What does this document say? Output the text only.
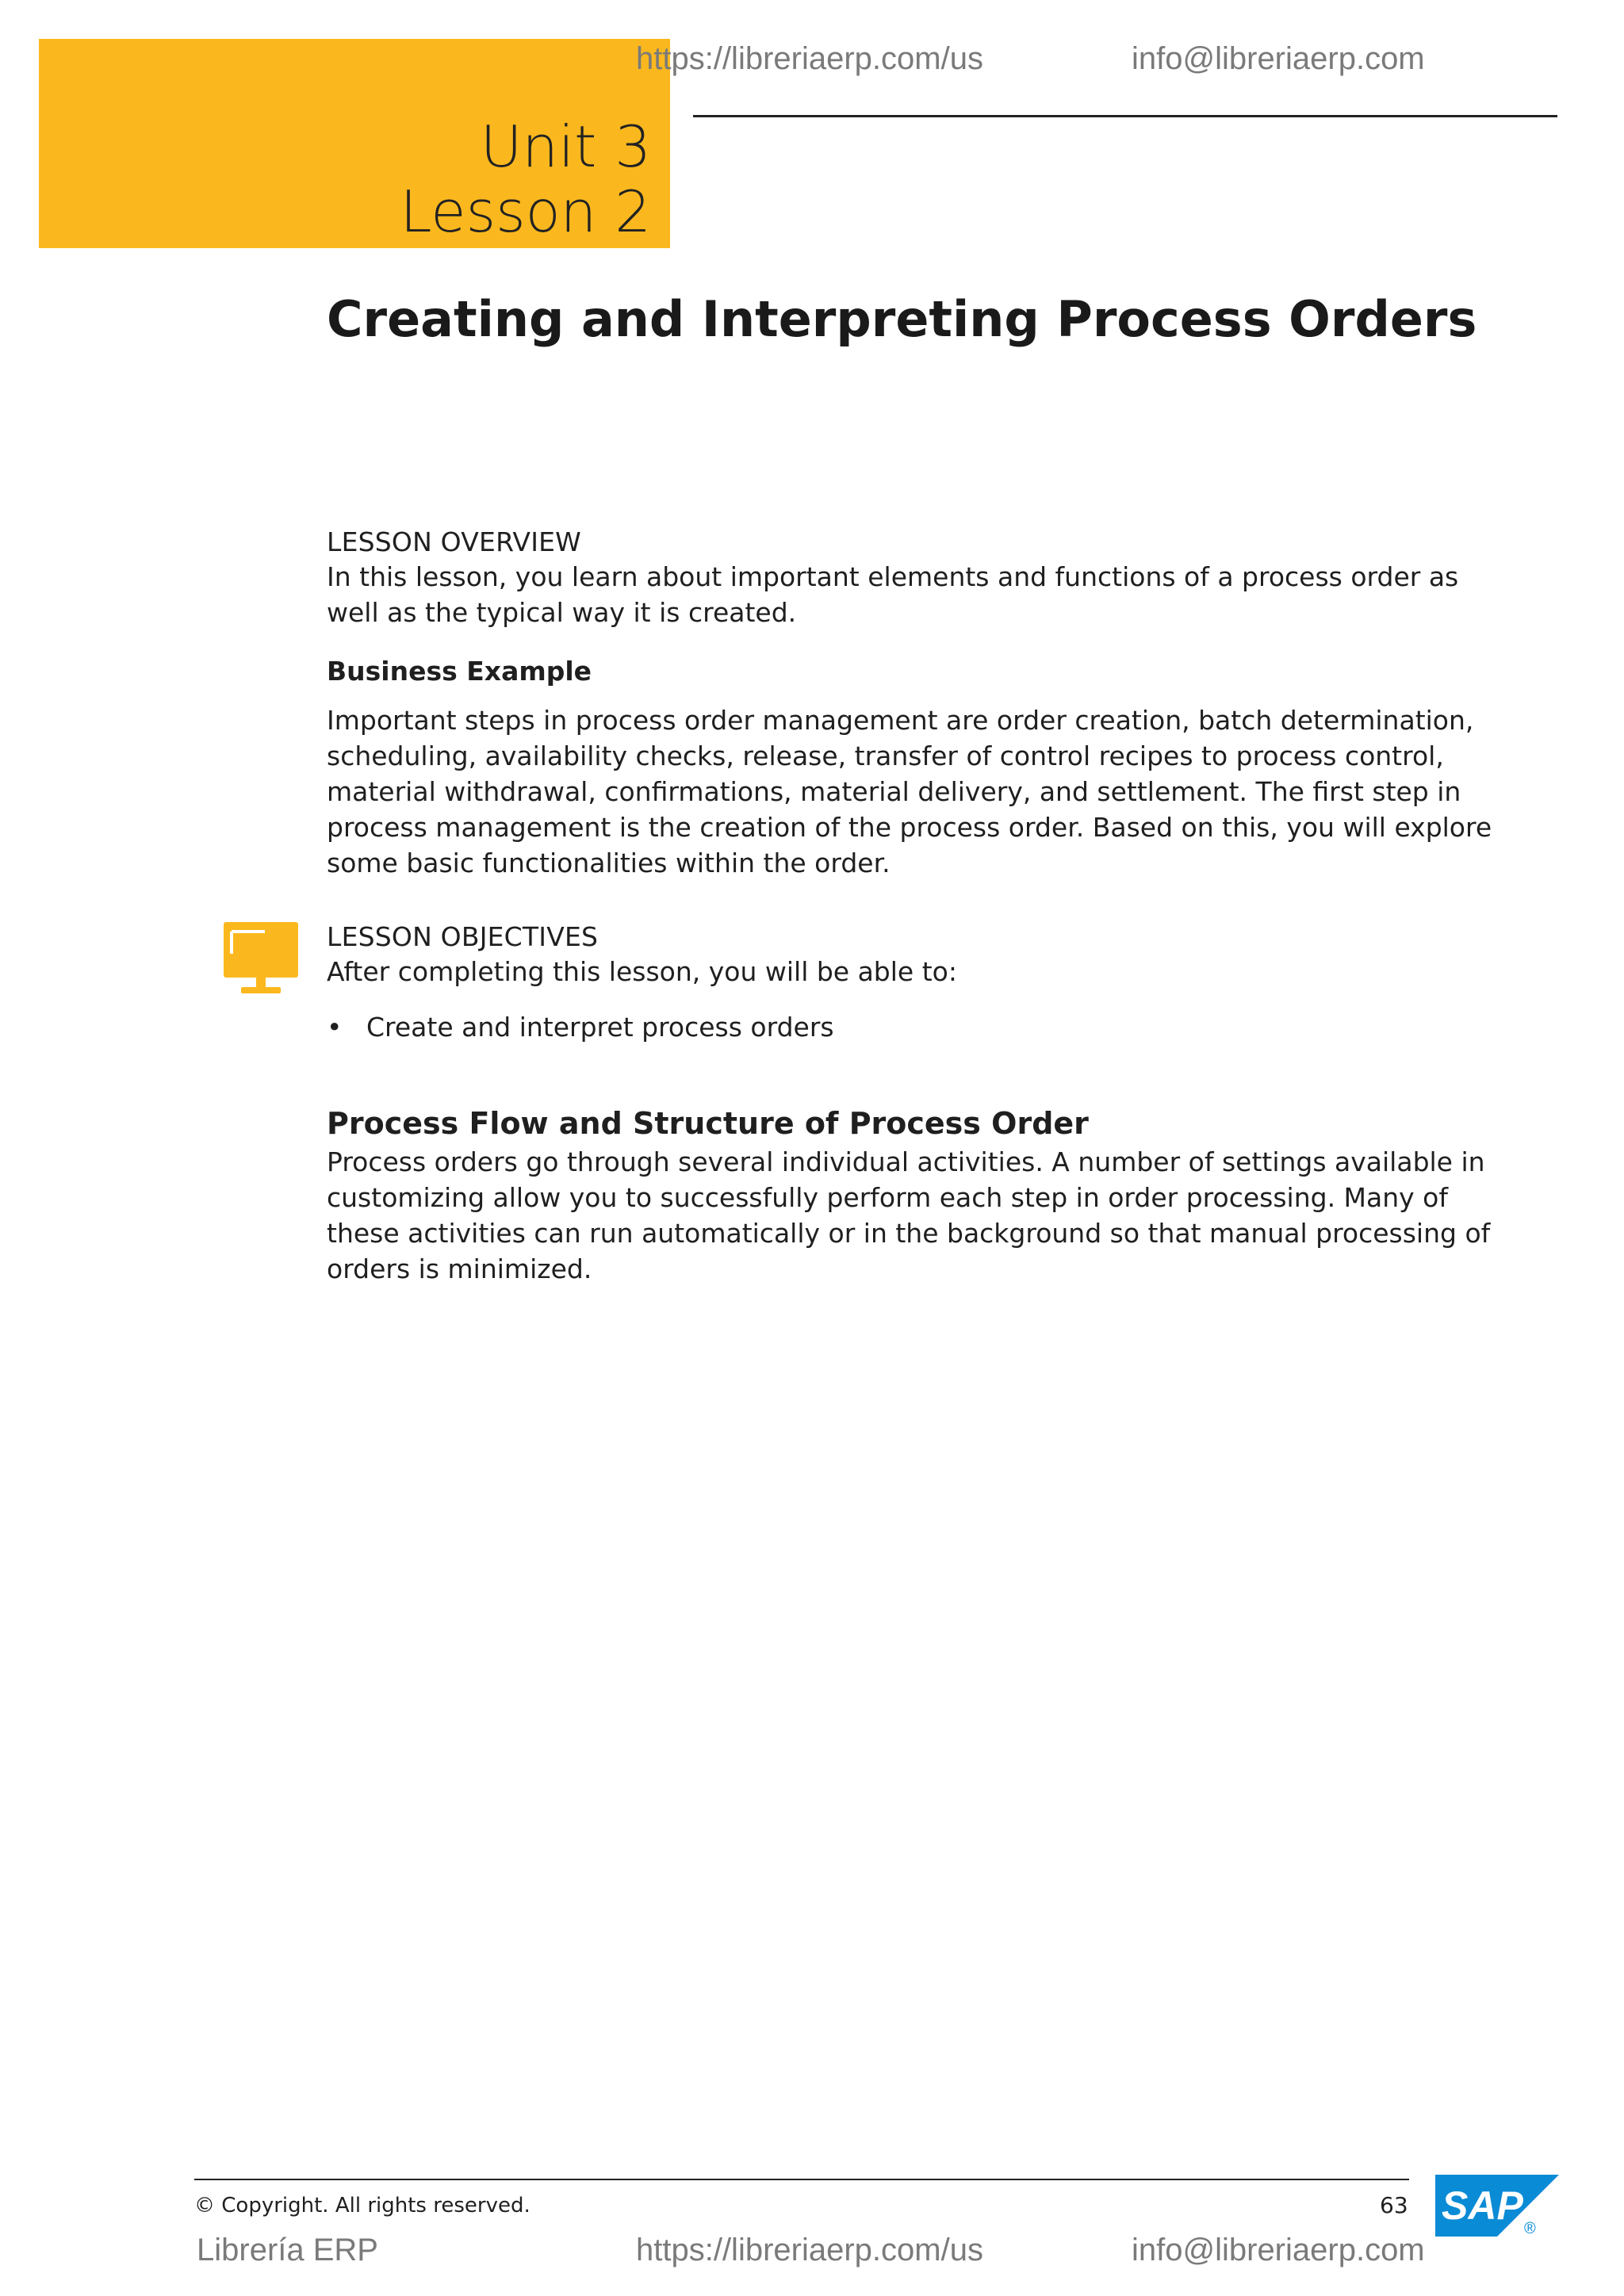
Unit 3
Lesson 2
https://libreriaerp.com/us	info@libreriaerp.com
Creating and Interpreting Process Orders
LESSON OVERVIEW

In this lesson, you learn about important elements and functions of a process order as well as the typical way it is created.

Business Example

Important steps in process order management are order creation, batch determination, scheduling, availability checks, release, transfer of control recipes to process control, material withdrawal, confirmations, material delivery, and settlement. The first step in process management is the creation of the process order. Based on this, you will explore some basic functionalities within the order.

LESSON OBJECTIVES

After completing this lesson, you will be able to:

• Create and interpret process orders
Process Flow and Structure of Process Order

Process orders go through several individual activities. A number of settings available in customizing allow you to successfully perform each step in order processing. Many of these activities can run automatically or in the background so that manual processing of orders is minimized.

© Copyright. All rights reserved.	63 SAP
®
Librería ERP	https://libreriaerp.com/us	info@libreriaerp.com
